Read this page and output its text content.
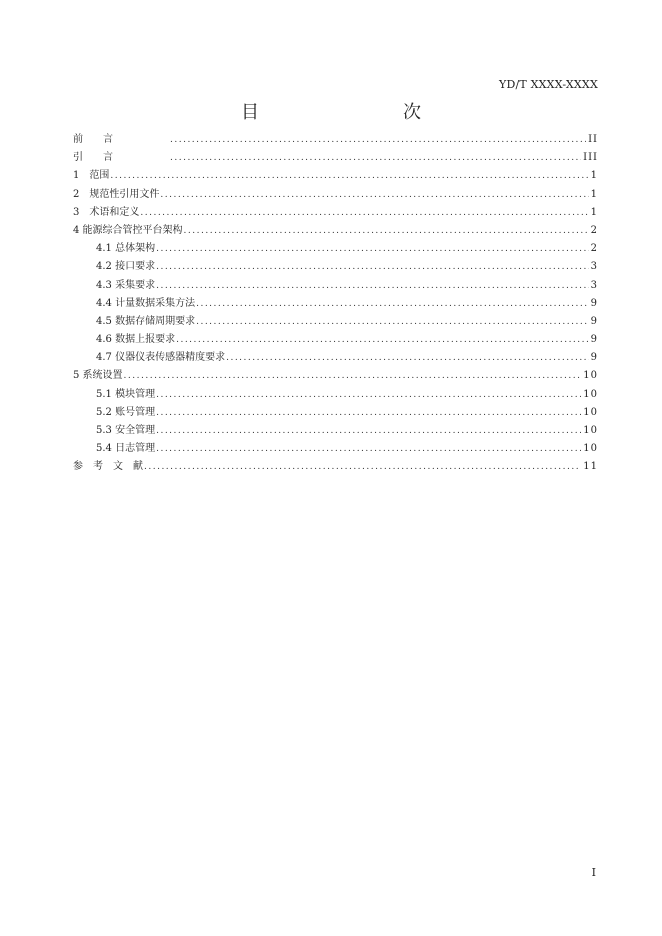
YD/T XXXX-XXXX
目　　次
前　　言 .....	II
引　　言 .....	III
1　范围 .....	1
2　规范性引用文件 .....	1
3　术语和定义 .....	1
4 能源综合管控平台架构 .....	2
4.1 总体架构 .....	2
4.2 接口要求 .....	3
4.3 采集要求 .....	3
4.4 计量数据采集方法 .....	9
4.5 数据存储周期要求 .....	9
4.6 数据上报要求 .....	9
4.7 仪器仪表传感器精度要求 .....	9
5 系统设置 .....	10
5.1 模块管理 .....	10
5.2 账号管理 .....	10
5.3 安全管理 .....	10
5.4 日志管理 .....	10
参　考　文　献 .....	11
I
